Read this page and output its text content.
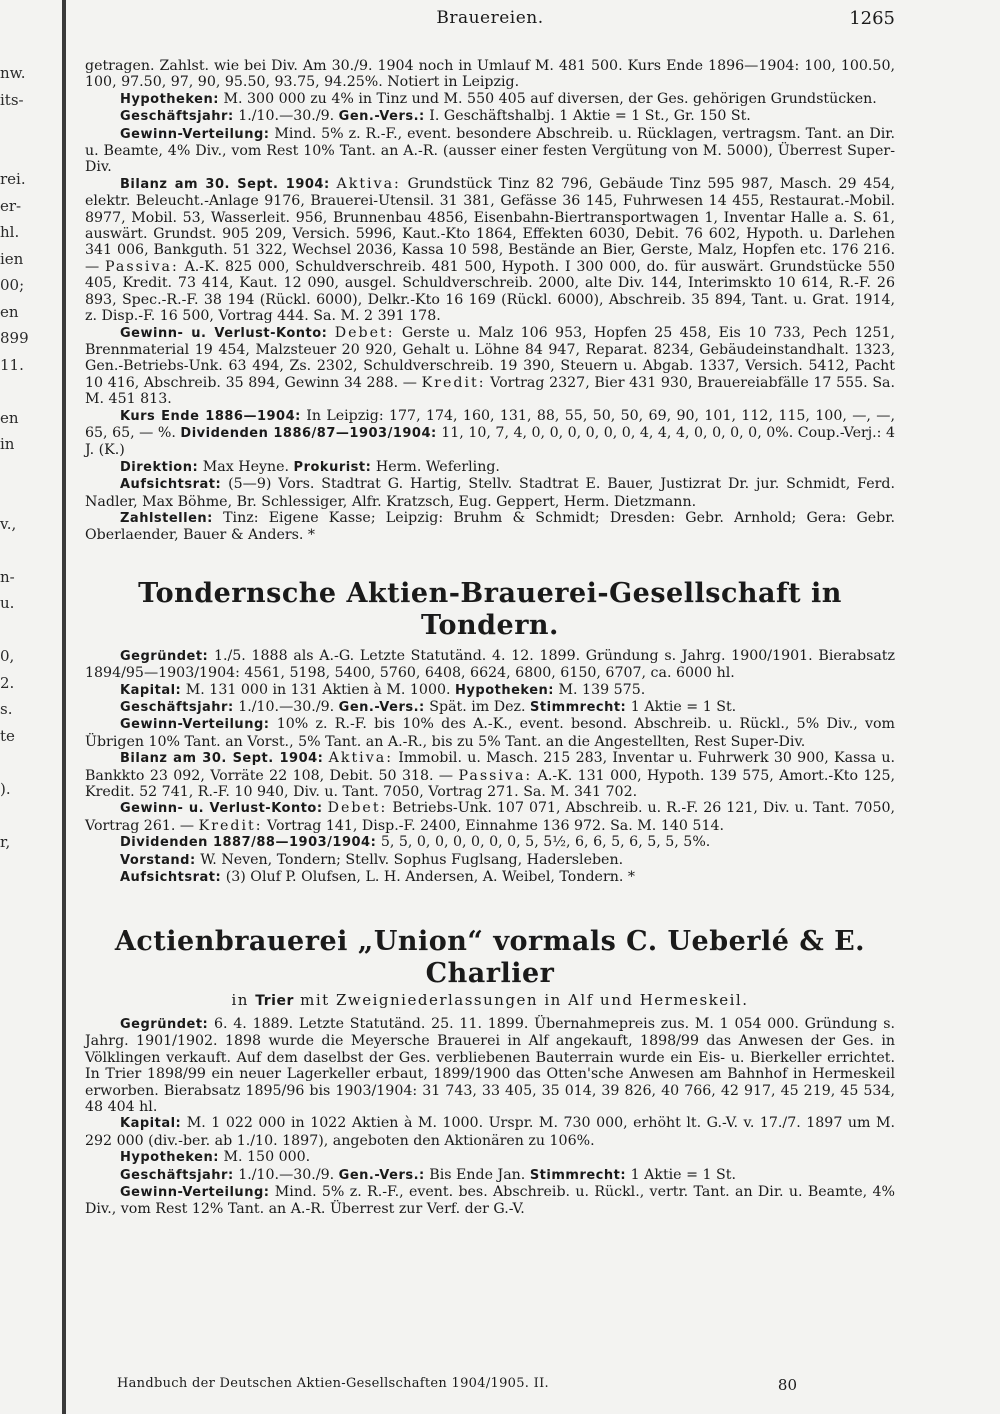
nw.
its-
rei.
er-
hl.
ien
00;
en
899
11.
en
in
v.,
n-
u.
0,
2.
s.
te
).
r,
Brauereien.	1265

getragen. Zahlst. wie bei Div. Am 30./9. 1904 noch in Umlauf M. 481 500. Kurs Ende 1896—1904: 100, 100.50, 100, 97.50, 97, 90, 95.50, 93.75, 94.25%. Notiert in Leipzig.

Hypotheken: M. 300 000 zu 4% in Tinz und M. 550 405 auf diversen, der Ges. gehörigen Grundstücken.

Geschäftsjahr: 1./10.—30./9. Gen.-Vers.: I. Geschäftshalbj. 1 Aktie = 1 St., Gr. 150 St.

Gewinn-Verteilung: Mind. 5% z. R.-F., event. besondere Abschreib. u. Rücklagen, vertragsm. Tant. an Dir. u. Beamte, 4% Div., vom Rest 10% Tant. an A.-R. (ausser einer festen Vergütung von M. 5000), Überrest Super-Div.

Bilanz am 30. Sept. 1904: Aktiva: Grundstück Tinz 82 796, Gebäude Tinz 595 987, Masch. 29 454, elektr. Beleucht.-Anlage 9176, Brauerei-Utensil. 31 381, Gefässe 36 145, Fuhrwesen 14 455, Restaurat.-Mobil. 8977, Mobil. 53, Wasserleit. 956, Brunnenbau 4856, Eisenbahn-Biertransportwagen 1, Inventar Halle a. S. 61, auswärt. Grundst. 905 209, Versich. 5996, Kaut.-Kto 1864, Effekten 6030, Debit. 76 602, Hypoth. u. Darlehen 341 006, Bankguth. 51 322, Wechsel 2036, Kassa 10 598, Bestände an Bier, Gerste, Malz, Hopfen etc. 176 216. — Passiva: A.-K. 825 000, Schuldverschreib. 481 500, Hypoth. I 300 000, do. für auswärt. Grundstücke 550 405, Kredit. 73 414, Kaut. 12 090, ausgel. Schuldverschreib. 2000, alte Div. 144, Interimskto 10 614, R.-F. 26 893, Spec.-R.-F. 38 194 (Rückl. 6000), Delkr.-Kto 16 169 (Rückl. 6000), Abschreib. 35 894, Tant. u. Grat. 1914, z. Disp.-F. 16 500, Vortrag 444. Sa. M. 2 391 178.

Gewinn- u. Verlust-Konto: Debet: Gerste u. Malz 106 953, Hopfen 25 458, Eis 10 733, Pech 1251, Brennmaterial 19 454, Malzsteuer 20 920, Gehalt u. Löhne 84 947, Reparat. 8234, Gebäudeinstandhalt. 1323, Gen.-Betriebs-Unk. 63 494, Zs. 2302, Schuldverschreib. 19 390, Steuern u. Abgab. 1337, Versich. 5412, Pacht 10 416, Abschreib. 35 894, Gewinn 34 288. — Kredit: Vortrag 2327, Bier 431 930, Brauereiabfälle 17 555. Sa. M. 451 813.

Kurs Ende 1886—1904: In Leipzig: 177, 174, 160, 131, 88, 55, 50, 50, 69, 90, 101, 112, 115, 100, —, —, 65, 65, — %. Dividenden 1886/87—1903/1904: 11, 10, 7, 4, 0, 0, 0, 0, 0, 0, 4, 4, 4, 0, 0, 0, 0, 0%. Coup.-Verj.: 4 J. (K.)

Direktion: Max Heyne. Prokurist: Herm. Weferling.

Aufsichtsrat: (5—9) Vors. Stadtrat G. Hartig, Stellv. Stadtrat E. Bauer, Justizrat Dr. jur. Schmidt, Ferd. Nadler, Max Böhme, Br. Schlessiger, Alfr. Kratzsch, Eug. Geppert, Herm. Dietzmann.

Zahlstellen: Tinz: Eigene Kasse; Leipzig: Bruhm & Schmidt; Dresden: Gebr. Arnhold; Gera: Gebr. Oberlaender, Bauer & Anders. *

Tondernsche Aktien-Brauerei-Gesellschaft in Tondern.

Gegründet: 1./5. 1888 als A.-G. Letzte Statutänd. 4. 12. 1899. Gründung s. Jahrg. 1900/1901. Bierabsatz 1894/95—1903/1904: 4561, 5198, 5400, 5760, 6408, 6624, 6800, 6150, 6707, ca. 6000 hl.

Kapital: M. 131 000 in 131 Aktien à M. 1000. Hypotheken: M. 139 575.

Geschäftsjahr: 1./10.—30./9. Gen.-Vers.: Spät. im Dez. Stimmrecht: 1 Aktie = 1 St.

Gewinn-Verteilung: 10% z. R.-F. bis 10% des A.-K., event. besond. Abschreib. u. Rückl., 5% Div., vom Übrigen 10% Tant. an Vorst., 5% Tant. an A.-R., bis zu 5% Tant. an die Angestellten, Rest Super-Div.

Bilanz am 30. Sept. 1904: Aktiva: Immobil. u. Masch. 215 283, Inventar u. Fuhrwerk 30 900, Kassa u. Bankkto 23 092, Vorräte 22 108, Debit. 50 318. — Passiva: A.-K. 131 000, Hypoth. 139 575, Amort.-Kto 125, Kredit. 52 741, R.-F. 10 940, Div. u. Tant. 7050, Vortrag 271. Sa. M. 341 702.

Gewinn- u. Verlust-Konto: Debet: Betriebs-Unk. 107 071, Abschreib. u. R.-F. 26 121, Div. u. Tant. 7050, Vortrag 261. — Kredit: Vortrag 141, Disp.-F. 2400, Einnahme 136 972. Sa. M. 140 514.

Dividenden 1887/88—1903/1904: 5, 5, 0, 0, 0, 0, 0, 0, 5, 5½, 6, 6, 5, 6, 5, 5, 5%.

Vorstand: W. Neven, Tondern; Stellv. Sophus Fuglsang, Hadersleben.

Aufsichtsrat: (3) Oluf P. Olufsen, L. H. Andersen, A. Weibel, Tondern. *

Actienbrauerei „Union“ vormals C. Ueberlé & E. Charlier
in Trier mit Zweigniederlassungen in Alf und Hermeskeil.

Gegründet: 6. 4. 1889. Letzte Statutänd. 25. 11. 1899. Übernahmepreis zus. M. 1 054 000. Gründung s. Jahrg. 1901/1902. 1898 wurde die Meyersche Brauerei in Alf angekauft, 1898/99 das Anwesen der Ges. in Völklingen verkauft. Auf dem daselbst der Ges. verbliebenen Bauterrain wurde ein Eis- u. Bierkeller errichtet. In Trier 1898/99 ein neuer Lagerkeller erbaut, 1899/1900 das Otten'sche Anwesen am Bahnhof in Hermeskeil erworben. Bierabsatz 1895/96 bis 1903/1904: 31 743, 33 405, 35 014, 39 826, 40 766, 42 917, 45 219, 45 534, 48 404 hl.

Kapital: M. 1 022 000 in 1022 Aktien à M. 1000. Urspr. M. 730 000, erhöht lt. G.-V. v. 17./7. 1897 um M. 292 000 (div.-ber. ab 1./10. 1897), angeboten den Aktionären zu 106%.

Hypotheken: M. 150 000.

Geschäftsjahr: 1./10.—30./9. Gen.-Vers.: Bis Ende Jan. Stimmrecht: 1 Aktie = 1 St.

Gewinn-Verteilung: Mind. 5% z. R.-F., event. bes. Abschreib. u. Rückl., vertr. Tant. an Dir. u. Beamte, 4% Div., vom Rest 12% Tant. an A.-R. Überrest zur Verf. der G.-V.

Handbuch der Deutschen Aktien-Gesellschaften 1904/1905. II.	80
